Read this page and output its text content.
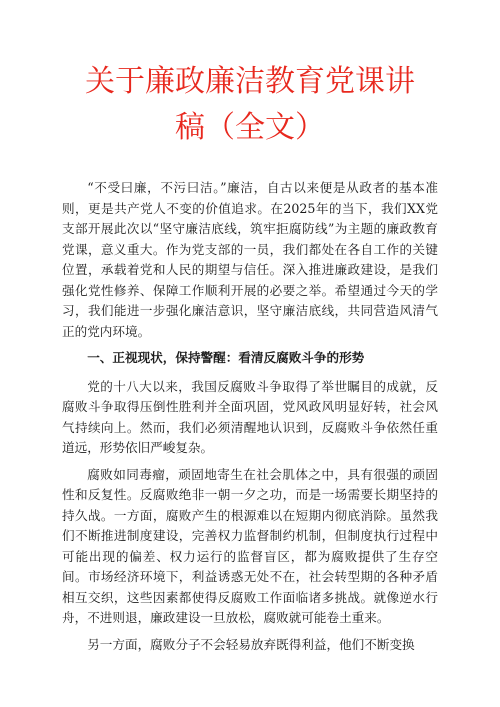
关于廉政廉洁教育党课讲
稿（全文）

“不受曰廉，不污曰洁。”廉洁，自古以来便是从政者的基本准则，更是共产党人不变的价值追求。在2025年的当下，我们XX党支部开展此次以“坚守廉洁底线，筑牢拒腐防线”为主题的廉政教育党课，意义重大。作为党支部的一员，我们都处在各自工作的关键位置，承载着党和人民的期望与信任。深入推进廉政建设，是我们强化党性修养、保障工作顺利开展的必要之举。希望通过今天的学习，我们能进一步强化廉洁意识，坚守廉洁底线，共同营造风清气正的党内环境。

一、正视现状，保持警醒：看清反腐败斗争的形势

党的十八大以来，我国反腐败斗争取得了举世瞩目的成就，反腐败斗争取得压倒性胜利并全面巩固，党风政风明显好转，社会风气持续向上。然而，我们必须清醒地认识到，反腐败斗争依然任重道远，形势依旧严峻复杂。

腐败如同毒瘤，顽固地寄生在社会肌体之中，具有很强的顽固性和反复性。反腐败绝非一朝一夕之功，而是一场需要长期坚持的持久战。一方面，腐败产生的根源难以在短期内彻底消除。虽然我们不断推进制度建设，完善权力监督制约机制，但制度执行过程中可能出现的偏差、权力运行的监督盲区，都为腐败提供了生存空间。市场经济环境下，利益诱惑无处不在，社会转型期的各种矛盾相互交织，这些因素都使得反腐败工作面临诸多挑战。就像逆水行舟，不进则退，廉政建设一旦放松，腐败就可能卷土重来。

另一方面，腐败分子不会轻易放弃既得利益，他们不断变换
